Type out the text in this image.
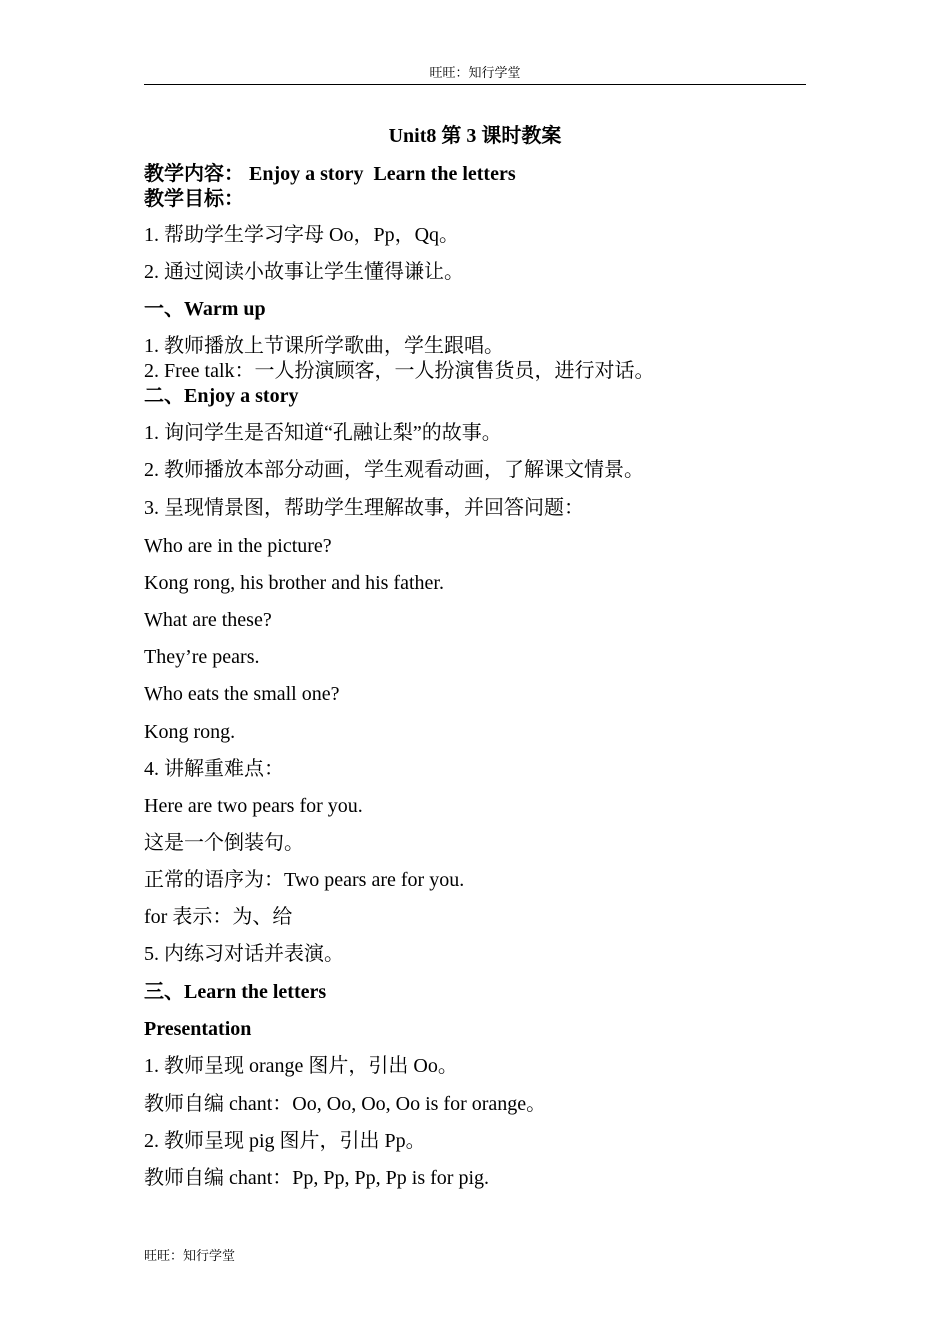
旺旺：知行学堂
Unit8 第 3 课时教案
教学内容： Enjoy a story  Learn the letters
教学目标：
1. 帮助学生学习字母 Oo，Pp，Qq。
2. 通过阅读小故事让学生懂得谦让。
一、Warm up
1. 教师播放上节课所学歌曲，学生跟唱。
2. Free talk：一人扮演顾客，一人扮演售货员，进行对话。
二、Enjoy a story
1. 询问学生是否知道“孔融让梨”的故事。
2. 教师播放本部分动画，学生观看动画，了解课文情景。
3. 呈现情景图，帮助学生理解故事，并回答问题：
Who are in the picture?
Kong rong, his brother and his father.
What are these?
They’re pears.
Who eats the small one?
Kong rong.
4. 讲解重难点：
Here are two pears for you.
这是一个倒装句。
正常的语序为：Two pears are for you.
for 表示：为、给
5. 内练习对话并表演。
三、Learn the letters
Presentation
1. 教师呈现 orange 图片，引出 Oo。
教师自编 chant：Oo, Oo, Oo, Oo is for orange。
2. 教师呈现 pig 图片，引出 Pp。
教师自编 chant：Pp, Pp, Pp, Pp is for pig.
旺旺：知行学堂
